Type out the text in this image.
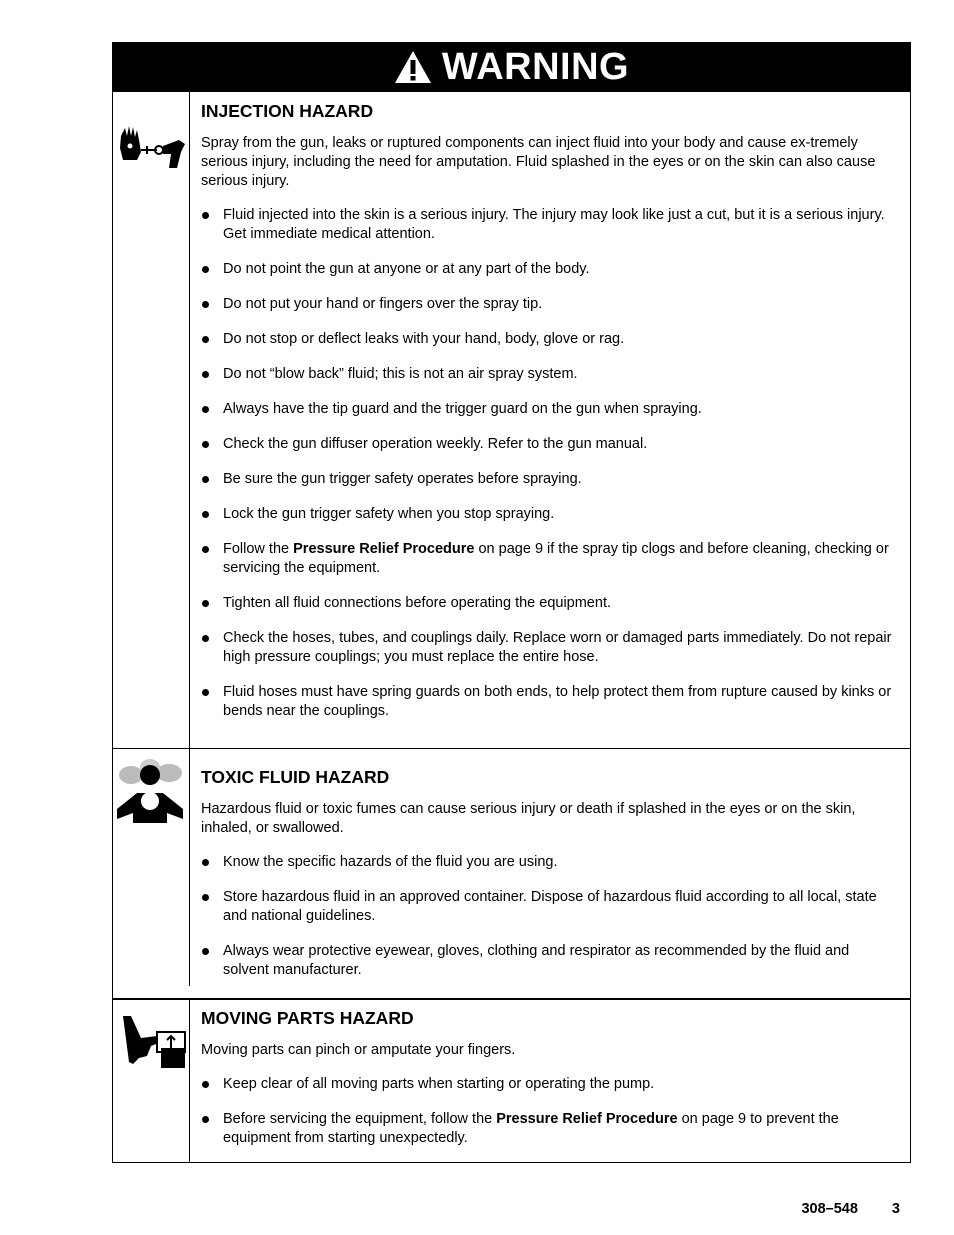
WARNING
INJECTION HAZARD
Spray from the gun, leaks or ruptured components can inject fluid into your body and cause ex-tremely serious injury, including the need for amputation. Fluid splashed in the eyes or on the skin can also cause serious injury.
Fluid injected into the skin is a serious injury. The injury may look like just a cut, but it is a serious injury. Get immediate medical attention.
Do not point the gun at anyone or at any part of the body.
Do not put your hand or fingers over the spray tip.
Do not stop or deflect leaks with your hand, body, glove or rag.
Do not “blow back” fluid; this is not an air spray system.
Always have the tip guard and the trigger guard on the gun when spraying.
Check the gun diffuser operation weekly. Refer to the gun manual.
Be sure the gun trigger safety operates before spraying.
Lock the gun trigger safety when you stop spraying.
Follow the Pressure Relief Procedure on page 9 if the spray tip clogs and before cleaning, checking or servicing the equipment.
Tighten all fluid connections before operating the equipment.
Check the hoses, tubes, and couplings daily. Replace worn or damaged parts immediately. Do not repair high pressure couplings; you must replace the entire hose.
Fluid hoses must have spring guards on both ends, to help protect them from rupture caused by kinks or bends near the couplings.
TOXIC FLUID HAZARD
Hazardous fluid or toxic fumes can cause serious injury or death if splashed in the eyes or on the skin, inhaled, or swallowed.
Know the specific hazards of the fluid you are using.
Store hazardous fluid in an approved container. Dispose of hazardous fluid according to all local, state and national guidelines.
Always wear protective eyewear, gloves, clothing and respirator as recommended by the fluid and solvent manufacturer.
MOVING PARTS HAZARD
Moving parts can pinch or amputate your fingers.
Keep clear of all moving parts when starting or operating the pump.
Before servicing the equipment, follow the Pressure Relief Procedure on page 9 to prevent the equipment from starting unexpectedly.
308–548 3
